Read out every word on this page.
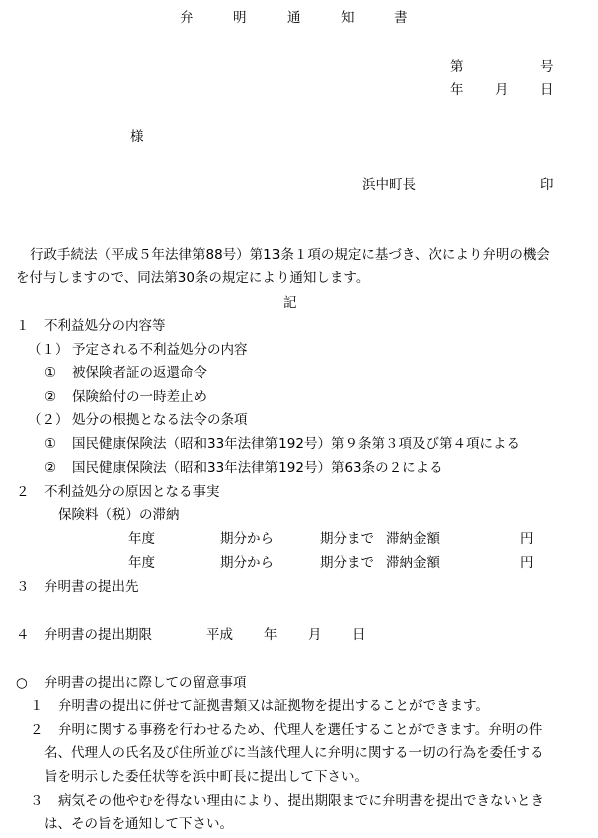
弁	明	通	知	書
第	号
年 月 日
様
浜中町長	印
行政手続法（平成５年法律第88号）第13条１項の規定に基づき、次により弁明の機会
を付与しますので、同法第30条の規定により通知します。
記
１ 不利益処分の内容等
（１） 予定される不利益処分の内容
① 被保険者証の返還命令
② 保険給付の一時差止め
（２） 処分の根拠となる法令の条項
① 国民健康保険法（昭和33年法律第192号）第９条第３項及び第４項による
② 国民健康保険法（昭和33年法律第192号）第63条の２による
２ 不利益処分の原因となる事実
保険料（税）の滞納
年度	期分から	期分まで 滞納金額	円
年度	期分から	期分まで 滞納金額	円
３ 弁明書の提出先
４ 弁明書の提出期限	平成 年 月 日
○ 弁明書の提出に際しての留意事項
１ 弁明書の提出に併せて証拠書類又は証拠物を提出することができます。
２ 弁明に関する事務を行わせるため、代理人を選任することができます。弁明の件
名、代理人の氏名及び住所並びに当該代理人に弁明に関する一切の行為を委任する
旨を明示した委任状等を浜中町長に提出して下さい。
３ 病気その他やむを得ない理由により、提出期限までに弁明書を提出できないとき
は、その旨を通知して下さい。
